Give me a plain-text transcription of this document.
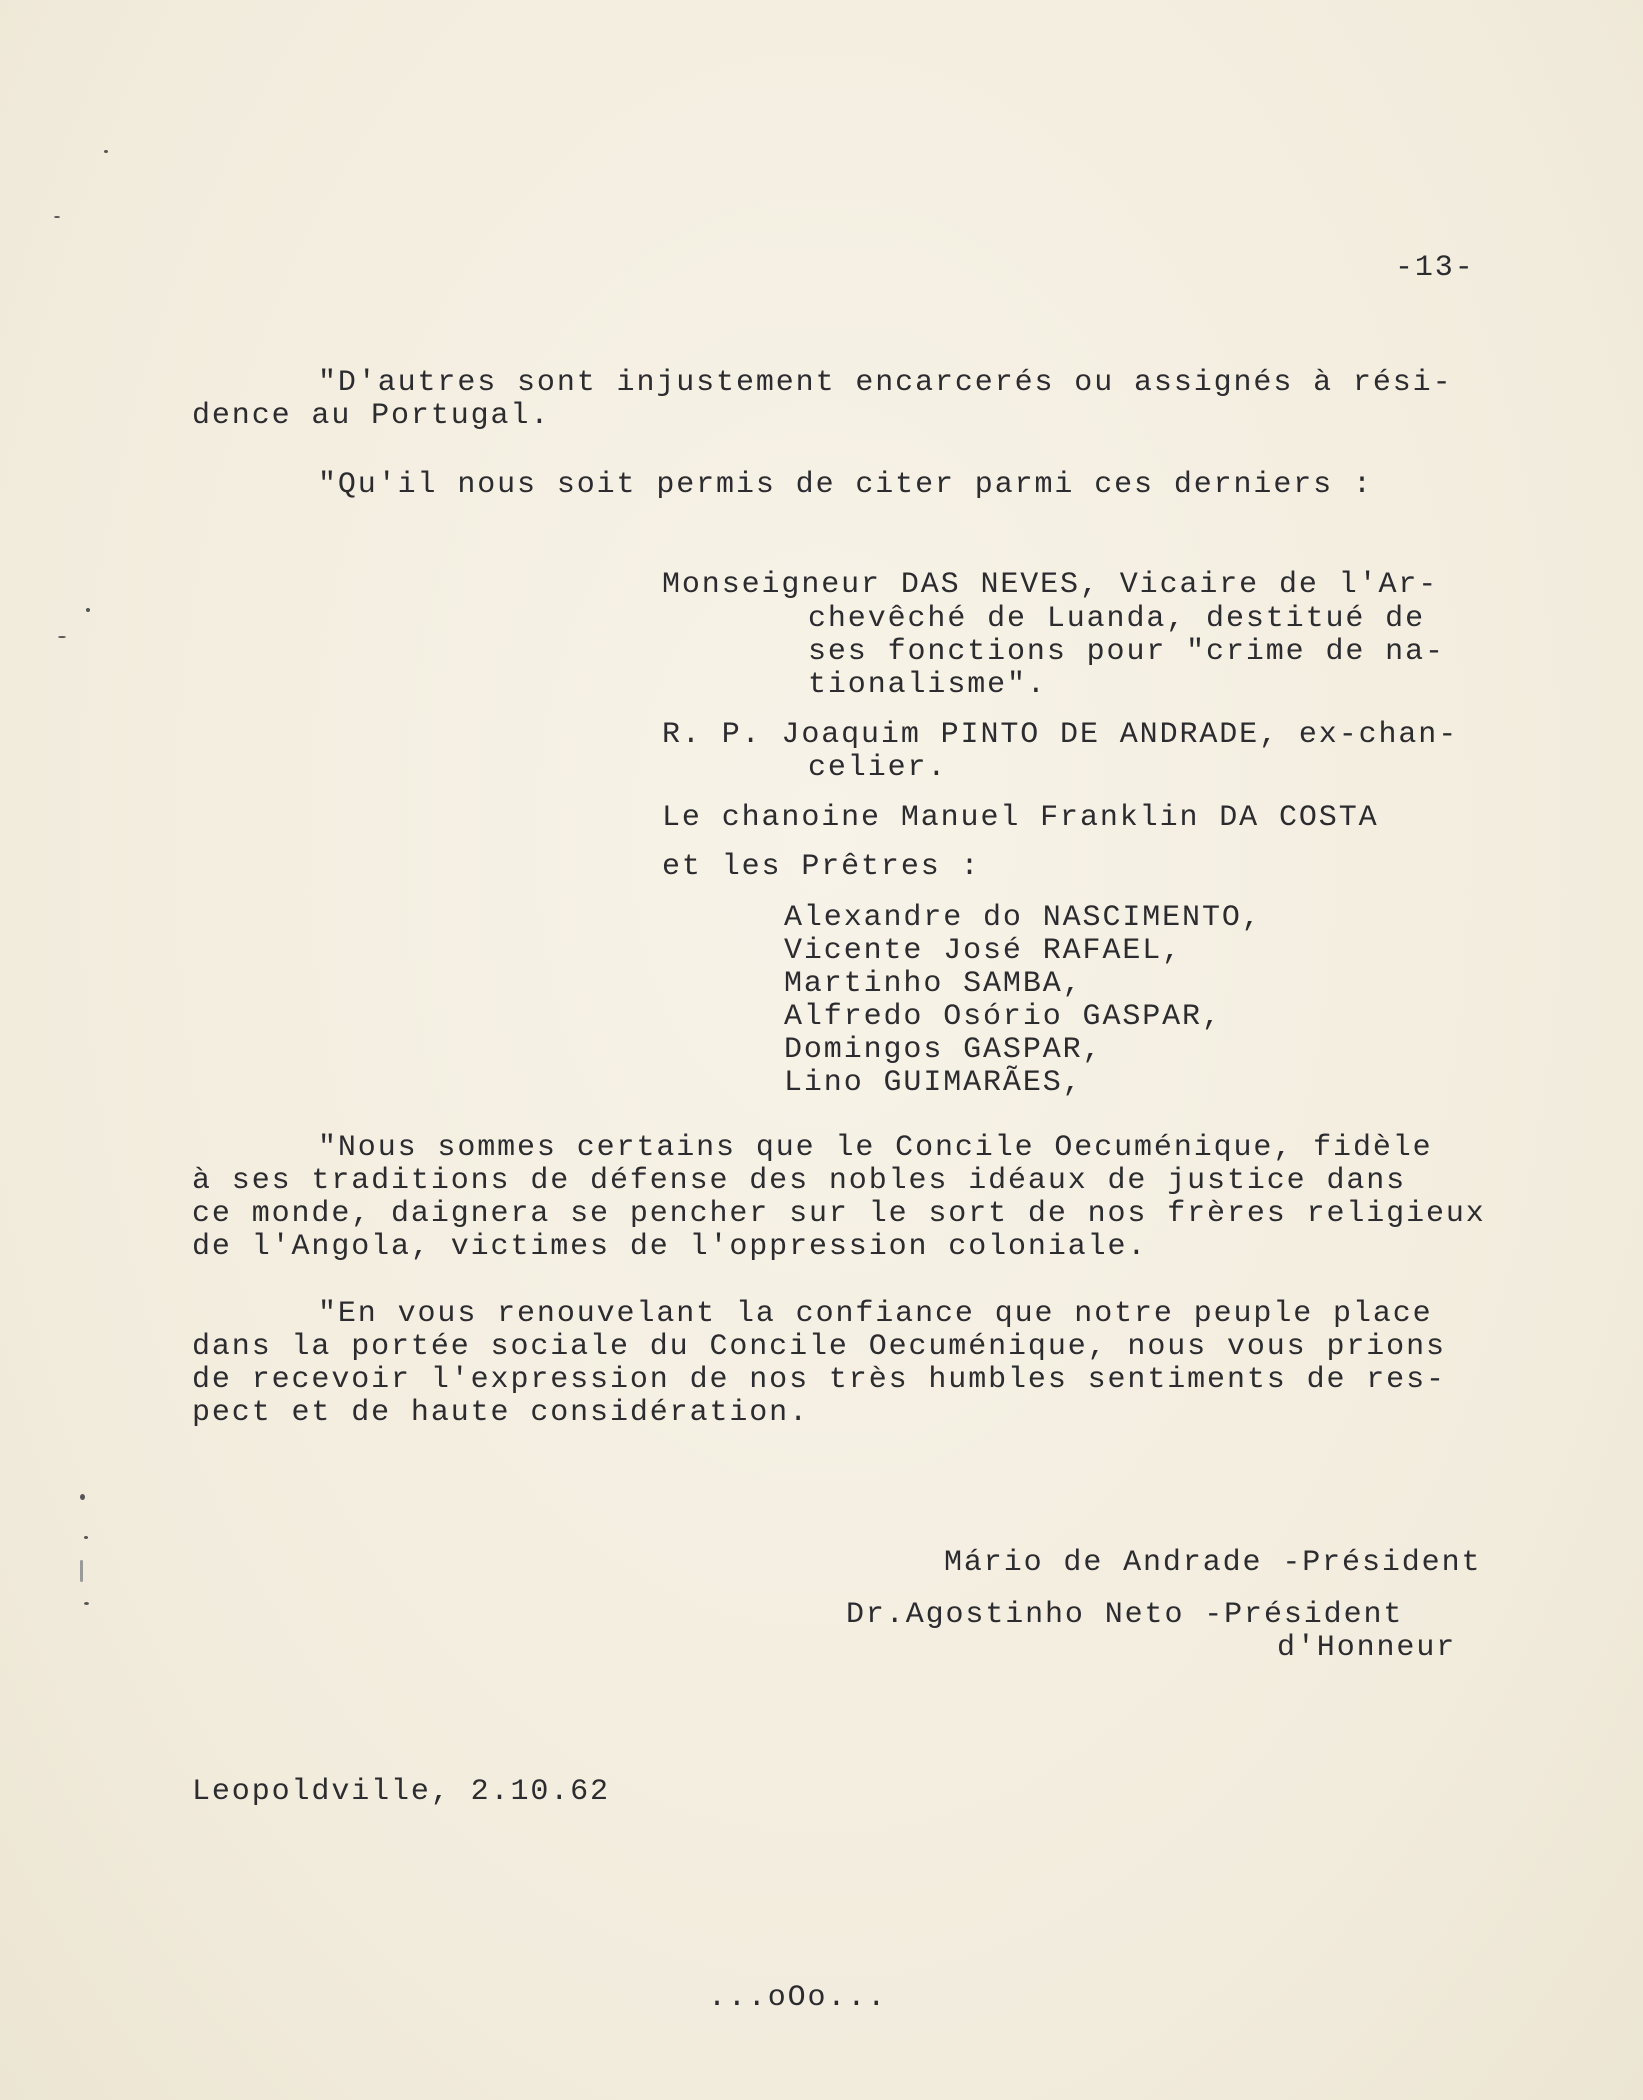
-13-
"D'autres sont injustement encarcerés ou assignés à rési-
dence au Portugal.
"Qu'il nous soit permis de citer parmi ces derniers :
Monseigneur DAS NEVES, Vicaire de l'Ar-
chevêché de Luanda, destitué de
ses fonctions pour "crime de na-
tionalisme".
R. P. Joaquim PINTO DE ANDRADE, ex-chan-
celier.
Le chanoine Manuel Franklin DA COSTA
et les Prêtres :
Alexandre do NASCIMENTO,
Vicente José RAFAEL,
Martinho SAMBA,
Alfredo Osório GASPAR,
Domingos GASPAR,
Lino GUIMARÃES,
"Nous sommes certains que le Concile Oecuménique, fidèle
à ses traditions de défense des nobles idéaux de justice dans
ce monde, daignera se pencher sur le sort de nos frères religieux
de l'Angola, victimes de l'oppression coloniale.
"En vous renouvelant la confiance que notre peuple place
dans la portée sociale du Concile Oecuménique, nous vous prions
de recevoir l'expression de nos très humbles sentiments de res-
pect et de haute considération.
Mário de Andrade -Président
Dr.Agostinho Neto -Président
d'Honneur
Leopoldville, 2.10.62
...oOo...
